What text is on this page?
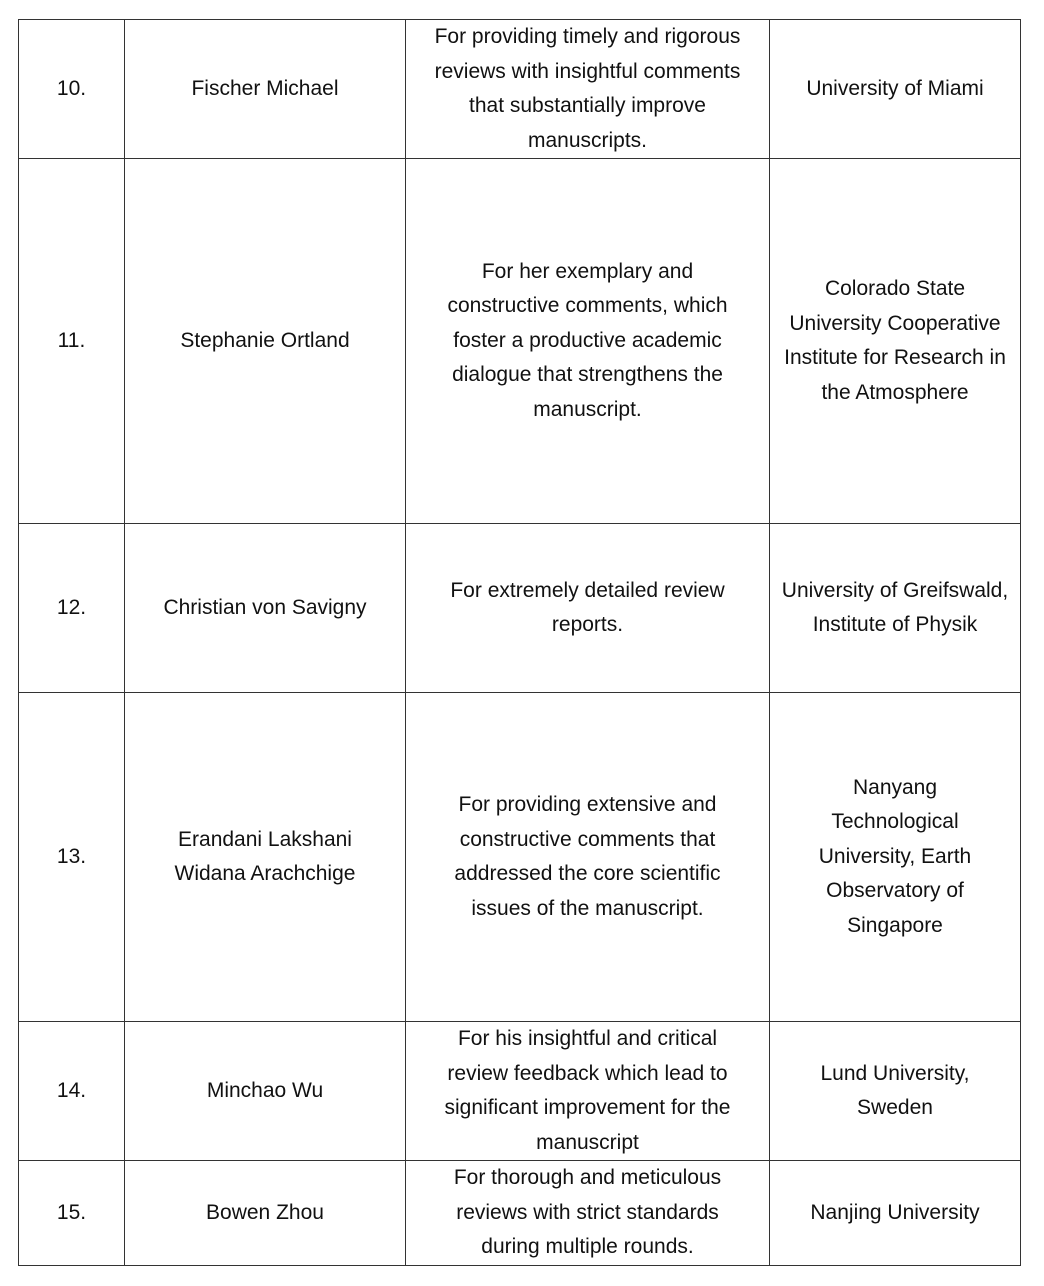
10.	Fischer Michael	For providing timely and rigorous reviews with insightful comments that substantially improve manuscripts.	University of Miami
11.	Stephanie Ortland	For her exemplary and constructive comments, which foster a productive academic dialogue that strengthens the manuscript.	Colorado State University Cooperative Institute for Research in the Atmosphere
12.	Christian von Savigny	For extremely detailed review reports.	University of Greifswald, Institute of Physik
13.	Erandani Lakshani Widana Arachchige	For providing extensive and constructive comments that addressed the core scientific issues of the manuscript.	Nanyang Technological University, Earth Observatory of Singapore
14.	Minchao Wu	For his insightful and critical review feedback which lead to significant improvement for the manuscript	Lund University, Sweden
15.	Bowen Zhou	For thorough and meticulous reviews with strict standards during multiple rounds.	Nanjing University
